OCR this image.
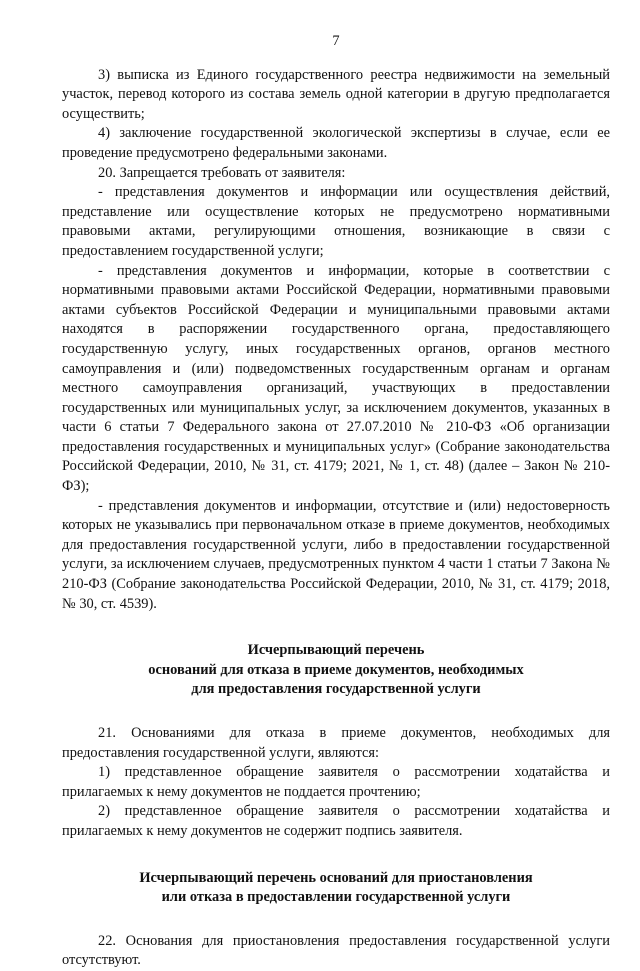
7

3) выписка из Единого государственного реестра недвижимости на земельный участок, перевод которого из состава земель одной категории в другую предполагается осуществить;

4) заключение государственной экологической экспертизы в случае, если ее проведение предусмотрено федеральными законами.

20. Запрещается требовать от заявителя:

- представления документов и информации или осуществления действий, представление или осуществление которых не предусмотрено нормативными правовыми актами, регулирующими отношения, возникающие в связи с предоставлением государственной услуги;

- представления документов и информации, которые в соответствии с нормативными правовыми актами Российской Федерации, нормативными правовыми актами субъектов Российской Федерации и муниципальными правовыми актами находятся в распоряжении государственного органа, предоставляющего государственную услугу, иных государственных органов, органов местного самоуправления и (или) подведомственных государственным органам и органам местного самоуправления организаций, участвующих в предоставлении государственных или муниципальных услуг, за исключением документов, указанных в части 6 статьи 7 Федерального закона от 27.07.2010 № 210-ФЗ «Об организации предоставления государственных и муниципальных услуг» (Собрание законодательства Российской Федерации, 2010, № 31, ст. 4179; 2021, № 1, ст. 48) (далее – Закон № 210-ФЗ);

- представления документов и информации, отсутствие и (или) недостоверность которых не указывались при первоначальном отказе в приеме документов, необходимых для предоставления государственной услуги, либо в предоставлении государственной услуги, за исключением случаев, предусмотренных пунктом 4 части 1 статьи 7 Закона № 210-ФЗ (Собрание законодательства Российской Федерации, 2010, № 31, ст. 4179; 2018, № 30, ст. 4539).

Исчерпывающий перечень
оснований для отказа в приеме документов, необходимых
для предоставления государственной услуги

21. Основаниями для отказа в приеме документов, необходимых для предоставления государственной услуги, являются:

1) представленное обращение заявителя о рассмотрении ходатайства и прилагаемых к нему документов не поддается прочтению;

2) представленное обращение заявителя о рассмотрении ходатайства и прилагаемых к нему документов не содержит подпись заявителя.

Исчерпывающий перечень оснований для приостановления
или отказа в предоставлении государственной услуги

22. Основания для приостановления предоставления государственной услуги отсутствуют.
